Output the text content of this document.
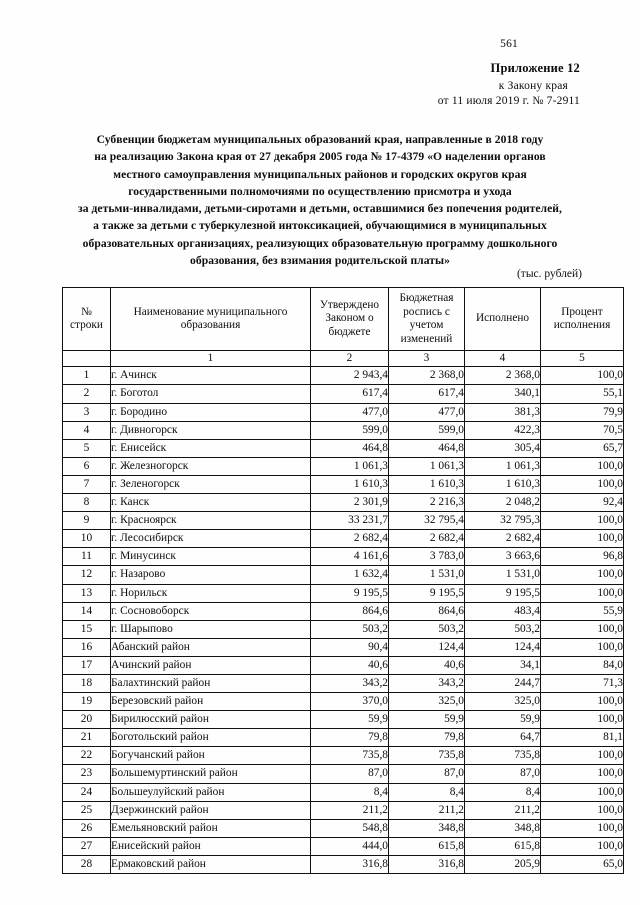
561
Приложение 12
к Закону края
от 11 июля 2019 г. № 7-2911
Субвенции бюджетам муниципальных образований края, направленные в 2018 году
на реализацию Закона края от 27 декабря 2005 года № 17-4379 «О наделении органов
местного самоуправления муниципальных районов и городских округов края
государственными полномочиями по осуществлению присмотра и ухода
за детьми-инвалидами, детьми-сиротами и детьми, оставшимися без попечения родителей,
а также за детьми с туберкулезной интоксикацией, обучающимися в муниципальных
образовательных организациях, реализующих образовательную программу дошкольного
образования, без взимания родительской платы»
(тыс. рублей)
№
строки

Наименование муниципального
образования

Утверждено
Законом о
бюджете

Бюджетная
роспись с
учетом
изменений

Исполнено

Процент
исполнения

	1	2	3	4	5
1	г. Ачинск	2 943,4	2 368,0	2 368,0	100,0
2	г. Боготол	617,4	617,4	340,1	55,1
3	г. Бородино	477,0	477,0	381,3	79,9
4	г. Дивногорск	599,0	599,0	422,3	70,5
5	г. Енисейск	464,8	464,8	305,4	65,7
6	г. Железногорск	1 061,3	1 061,3	1 061,3	100,0
7	г. Зеленогорск	1 610,3	1 610,3	1 610,3	100,0
8	г. Канск	2 301,9	2 216,3	2 048,2	92,4
9	г. Красноярск	33 231,7	32 795,4	32 795,3	100,0
10	г. Лесосибирск	2 682,4	2 682,4	2 682,4	100,0
11	г. Минусинск	4 161,6	3 783,0	3 663,6	96,8
12	г. Назарово	1 632,4	1 531,0	1 531,0	100,0
13	г. Норильск	9 195,5	9 195,5	9 195,5	100,0
14	г. Сосновоборск	864,6	864,6	483,4	55,9
15	г. Шарыпово	503,2	503,2	503,2	100,0
16	Абанский район	90,4	124,4	124,4	100,0
17	Ачинский район	40,6	40,6	34,1	84,0
18	Балахтинский район	343,2	343,2	244,7	71,3
19	Березовский район	370,0	325,0	325,0	100,0
20	Бирилюсский район	59,9	59,9	59,9	100,0
21	Боготольский район	79,8	79,8	64,7	81,1
22	Богучанский район	735,8	735,8	735,8	100,0
23	Большемуртинский район	87,0	87,0	87,0	100,0
24	Большеулуйский район	8,4	8,4	8,4	100,0
25	Дзержинский район	211,2	211,2	211,2	100,0
26	Емельяновский район	548,8	348,8	348,8	100,0
27	Енисейский район	444,0	615,8	615,8	100,0
28	Ермаковский район	316,8	316,8	205,9	65,0
